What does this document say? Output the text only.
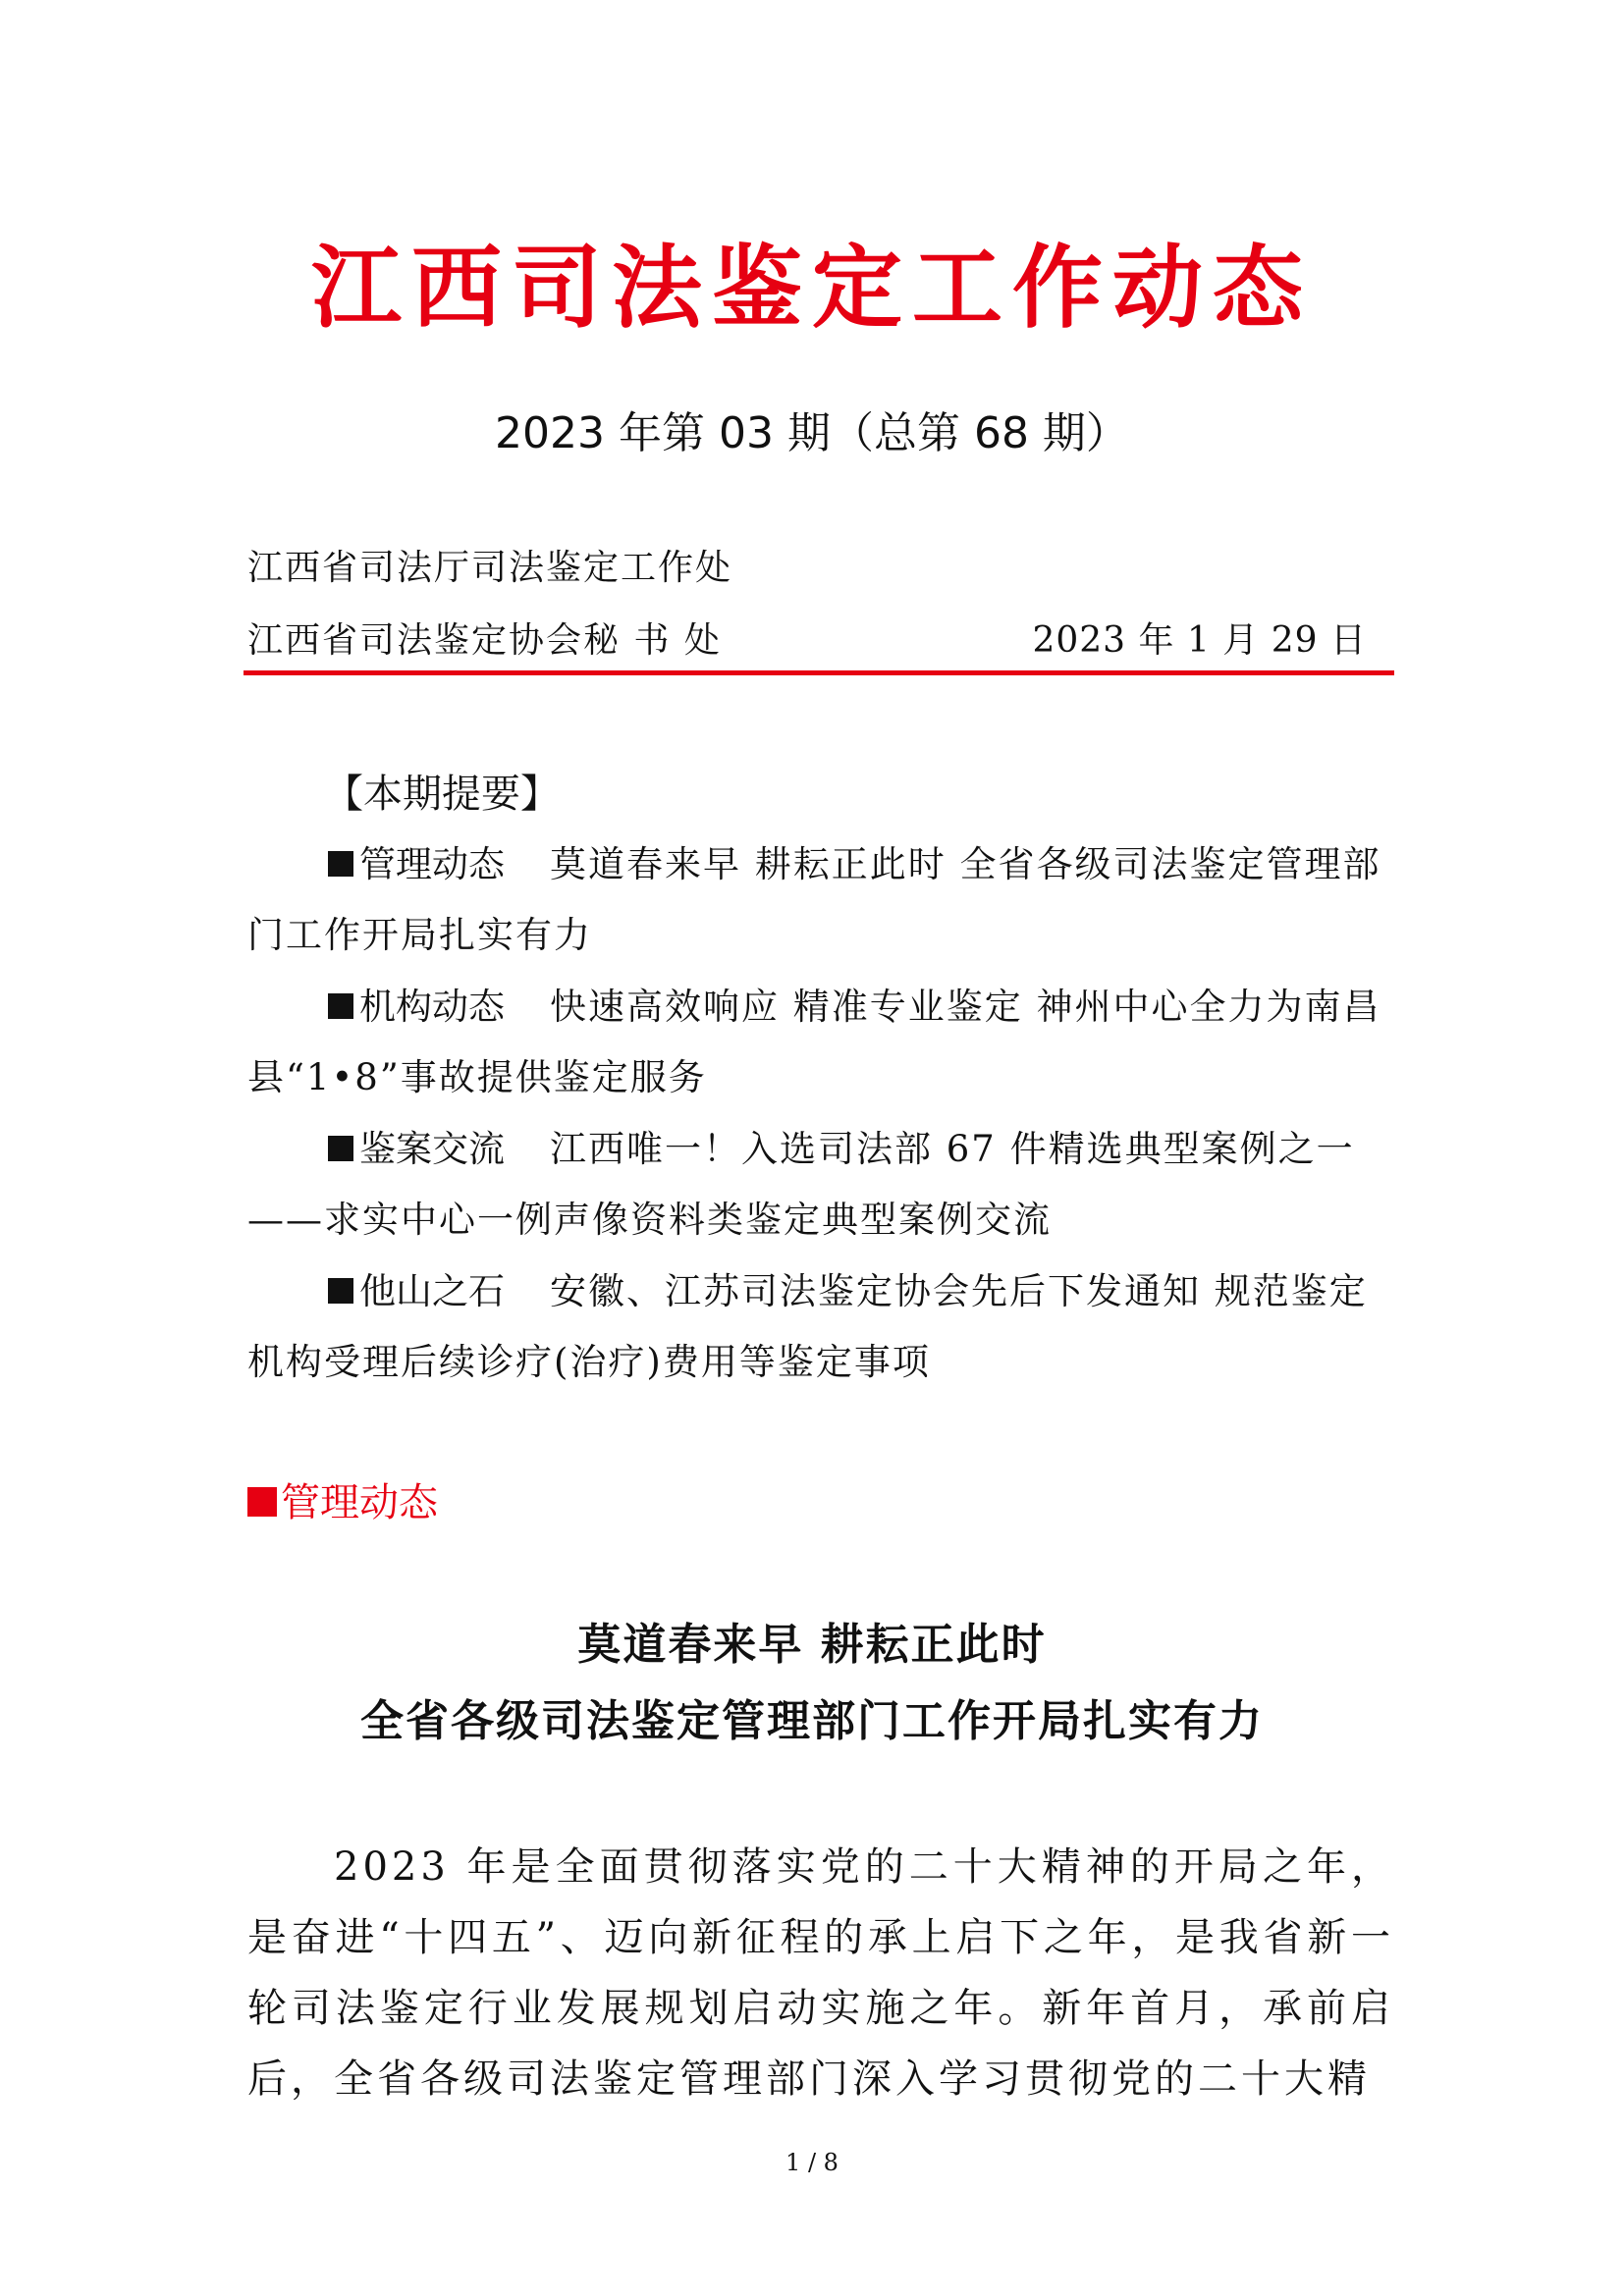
江西司法鉴定工作动态
2023 年第 03 期（总第 68 期）
江西省司法厅司法鉴定工作处
江西省司法鉴定协会秘 书 处	2023 年 1 月 29 日
【本期提要】
管理动态 莫道春来早 耕耘正此时 全省各级司法鉴定管理部门工作开局扎实有力
机构动态 快速高效响应 精准专业鉴定 神州中心全力为南昌县“1•8”事故提供鉴定服务
鉴案交流 江西唯一！入选司法部 67 件精选典型案例之一——求实中心一例声像资料类鉴定典型案例交流
他山之石 安徽、江苏司法鉴定协会先后下发通知 规范鉴定机构受理后续诊疗(治疗)费用等鉴定事项
管理动态
莫道春来早 耕耘正此时
全省各级司法鉴定管理部门工作开局扎实有力
2023 年是全面贯彻落实党的二十大精神的开局之年，是奋进“十四五”、迈向新征程的承上启下之年，是我省新一轮司法鉴定行业发展规划启动实施之年。新年首月，承前启后，全省各级司法鉴定管理部门深入学习贯彻党的二十大精
1 / 8
